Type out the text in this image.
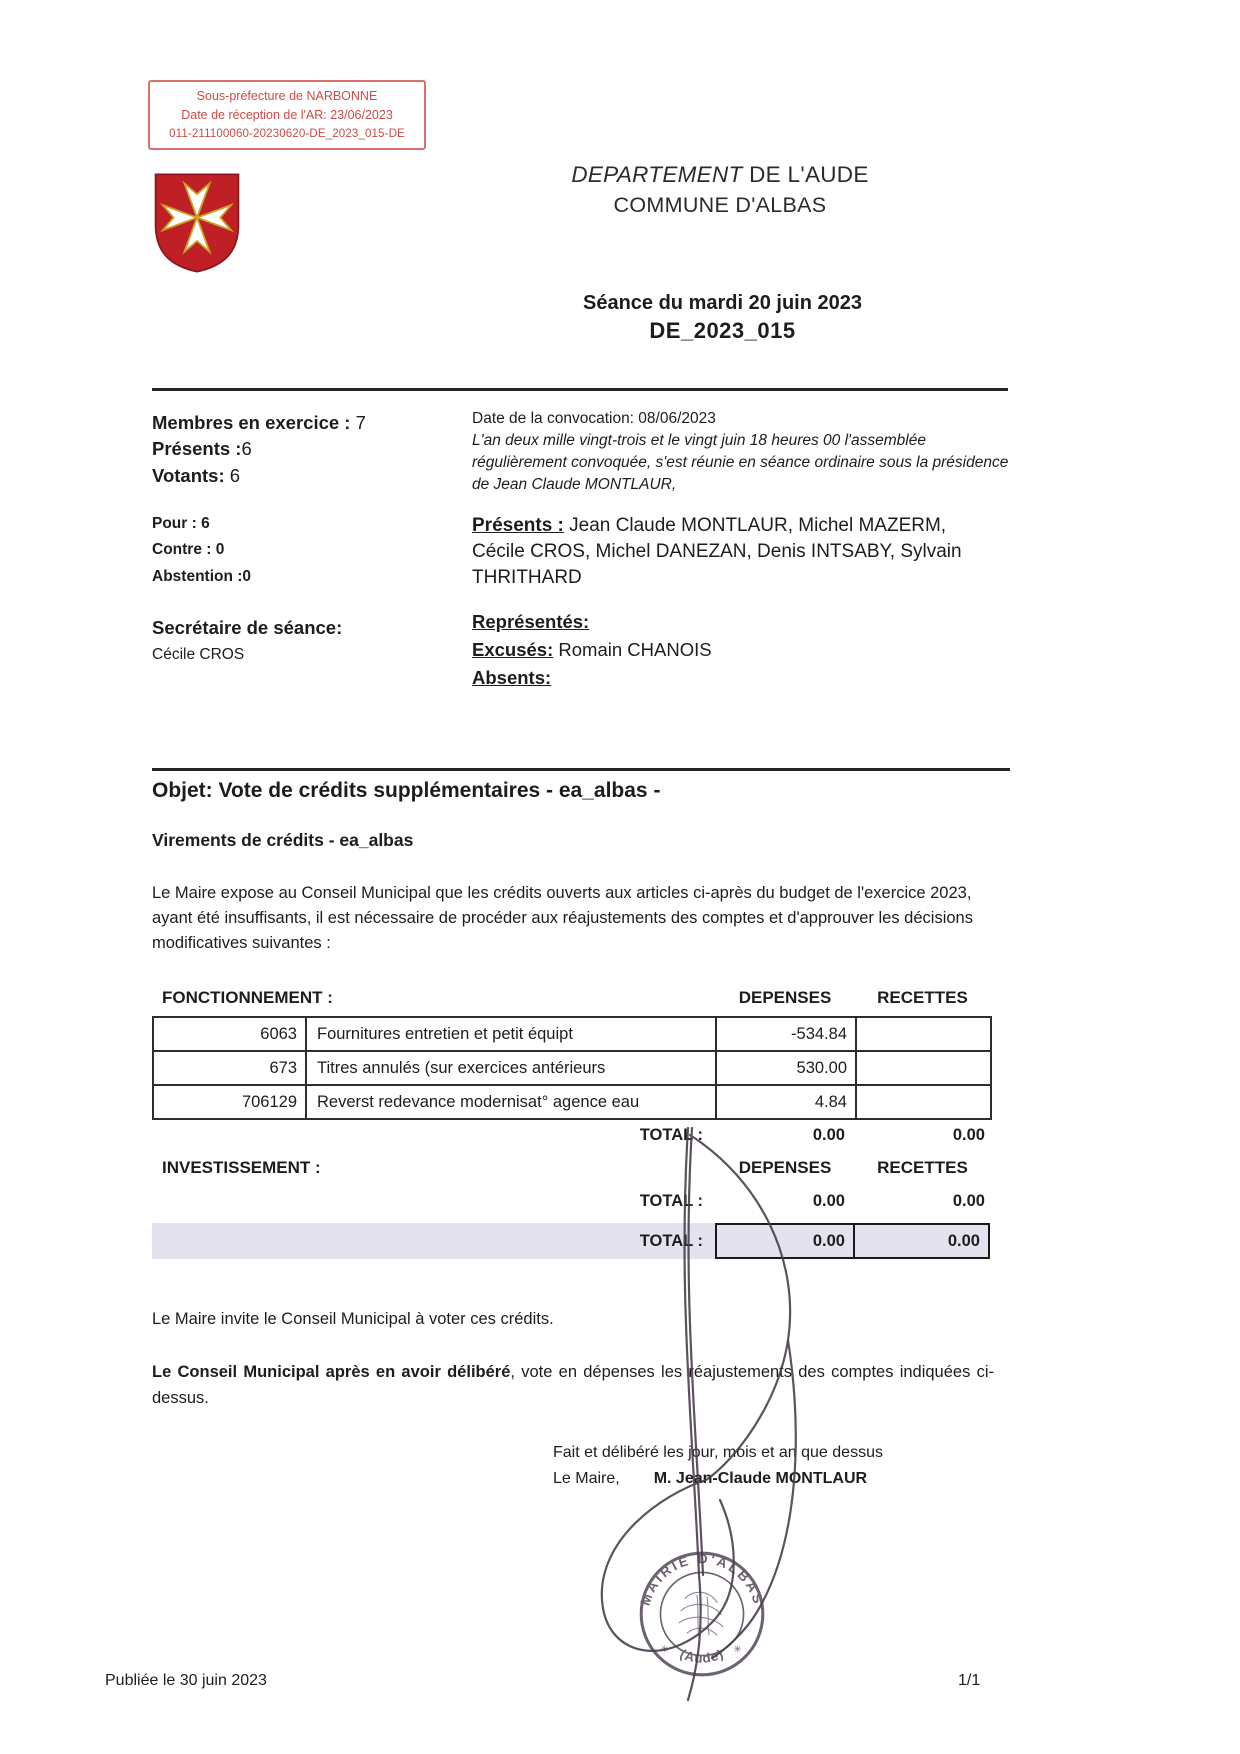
Sous-préfecture de NARBONNE
Date de réception de l'AR: 23/06/2023
011-211100060-20230620-DE_2023_015-DE
DEPARTEMENT DE L'AUDE
COMMUNE D'ALBAS
Séance du mardi 20 juin 2023
DE_2023_015
Membres en exercice : 7
Présents :6
Votants: 6
Pour : 6
Contre : 0
Abstention :0
Secrétaire de séance:
Cécile CROS
Date de la convocation: 08/06/2023
L'an deux mille vingt-trois et le vingt juin 18 heures 00 l'assemblée régulièrement convoquée, s'est réunie en séance ordinaire sous la présidence de Jean Claude MONTLAUR,
Présents : Jean Claude MONTLAUR, Michel MAZERM, Cécile CROS, Michel DANEZAN, Denis INTSABY, Sylvain THRITHARD
Représentés:
Excusés: Romain CHANOIS
Absents:
Objet: Vote de crédits supplémentaires - ea_albas -
Virements de crédits - ea_albas
Le Maire expose au Conseil Municipal que les crédits ouverts aux articles ci-après du budget de l'exercice 2023, ayant été insuffisants, il est nécessaire de procéder aux réajustements des comptes et d'approuver les décisions modificatives suivantes :
FONCTIONNEMENT :	DEPENSES	RECETTES
6063	Fournitures entretien et petit équipt	-534.84	
673	Titres annulés (sur exercices antérieurs	530.00	
706129	Reverst redevance modernisat° agence eau	4.84	
TOTAL :	0.00	0.00
INVESTISSEMENT :	DEPENSES	RECETTES
TOTAL :	0.00	0.00
TOTAL :	0.00	0.00
Le Maire invite le Conseil Municipal à voter ces crédits.
Le Conseil Municipal après en avoir délibéré, vote en dépenses les réajustements des comptes indiquées ci-dessus.
Fait et délibéré les jour, mois et an que dessus
Le Maire, M. Jean-Claude MONTLAUR
MAIRIE D'ALBAS
(Aude)
✳	✳
Publiée le 30 juin 2023	1/1
